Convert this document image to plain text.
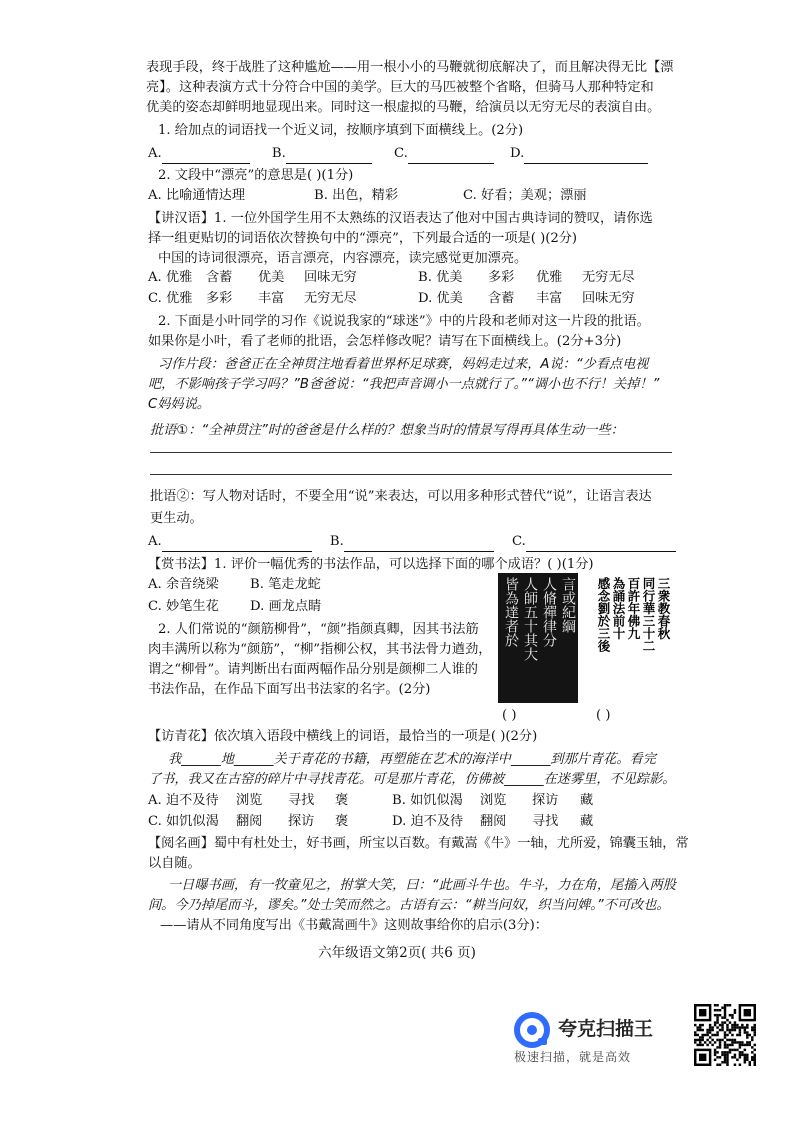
表现手段，终于战胜了这种尴尬——用一根小小的马鞭就彻底解决了，而且解决得无比【漂
亮】。这种表演方式十分符合中国的美学。巨大的马匹被整个省略，但骑马人那种特定和
优美的姿态却鲜明地显现出来。同时这一根虚拟的马鞭，给演员以无穷无尽的表演自由。
1. 给加点的词语找一个近义词，按顺序填到下面横线上。(2分)
A.	B.	C.	D.
2. 文段中“漂亮”的意思是( )(1分)
A. 比喻通情达理	B. 出色，精彩	C. 好看；美观；漂丽
【讲汉语】1. 一位外国学生用不太熟练的汉语表达了他对中国古典诗词的赞叹，请你选
择一组更贴切的词语依次替换句中的“漂亮”，下列最合适的一项是( )(2分)
中国的诗词很漂亮，语言漂亮，内容漂亮，读完感觉更加漂亮。
A. 优雅 含蓄 优美 回味无穷	B. 优美 多彩 优雅 无穷无尽
C. 优雅 多彩 丰富 无穷无尽	D. 优美 含蓄 丰富 回味无穷
2. 下面是小叶同学的习作《说说我家的“球迷”》中的片段和老师对这一片段的批语。
如果你是小叶，看了老师的批语，会怎样修改呢？请写在下面横线上。(2分+3分)
习作片段：爸爸正在全神贯注地看着世界杯足球赛，妈妈走过来，A说：“少看点电视
吧，不影响孩子学习吗？”B爸爸说：“我把声音调小一点就行了。”“调小也不行！关掉！”
C妈妈说。
批语①：“全神贯注”时的爸爸是什么样的？想象当时的情景写得再具体生动一些：
批语②：写人物对话时，不要全用“说”来表达，可以用多种形式替代“说”，让语言表达
更生动。
A.	B.	C.
【赏书法】1. 评价一幅优秀的书法作品，可以选择下面的哪个成语？( )(1分)
A. 余音绕梁 B. 笔走龙蛇
C. 妙笔生花 D. 画龙点睛
2. 人们常说的“颜筋柳骨”，“颜”指颜真卿，因其书法筋
肉丰满所以称为“颜筋”，“柳”指柳公权，其书法骨力遒劲，
谓之“柳骨”。请判断出右面两幅作品分别是颜柳二人谁的
书法作品，在作品下面写出书法家的名字。(2分)
言或紀綱
人脩禪律分
人師五十其大
皆為達者於	三衆教春秋
同行華三十二
百許年佛九
為誦法前十
感念劉於三後
( )	( )
【访青花】依次填入语段中横线上的词语，最恰当的一项是( )(2分)
我______地______关于青花的书籍，再塑能在艺术的海洋中______到那片青花。看完
了书，我又在古窑的碎片中寻找青花。可是那片青花，仿佛被______在迷雾里，不见踪影。
A. 迫不及待 浏览 寻找 褒	B. 如饥似渴 浏览 探访 藏
C. 如饥似渴 翻阅 探访 褒	D. 迫不及待 翻阅 寻找 藏
【阅名画】蜀中有杜处士，好书画，所宝以百数。有戴嵩《牛》一轴，尤所爱，锦囊玉轴，常
以自随。
一日曝书画，有一牧童见之，拊掌大笑，曰：“此画斗牛也。牛斗，力在角，尾搐入两股
间。今乃掉尾而斗，谬矣。”处士笑而然之。古语有云：“耕当问奴，织当问婢。”不可改也。
——请从不同角度写出《书戴嵩画牛》这则故事给你的启示(3分)：
六年级语文第2页( 共6 页)
夸克扫描王
极速扫描，就是高效
